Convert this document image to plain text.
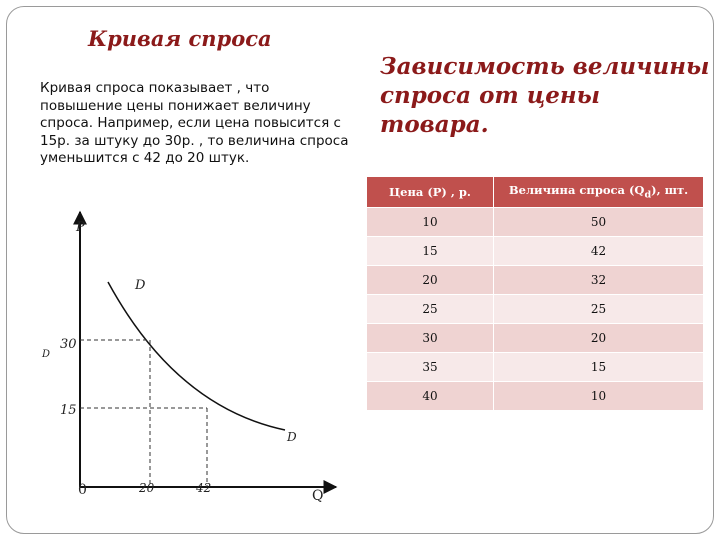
Кривая спроса
Зависимость величины спроса от цены товара.

Кривая спроса показывает , что повышение цены понижает величину спроса. Например, если цена повысится с 15р. за штуку до 30р. , то величина спроса уменьшится с 42 до 20 штук.

Цена (P) , р.	Величина спроса $(Q_d)$, шт.
10	50
15	42
20	32
25	25
30	20
35	15
40	10
P
Q
0
D
D
D
30
15
20	42
